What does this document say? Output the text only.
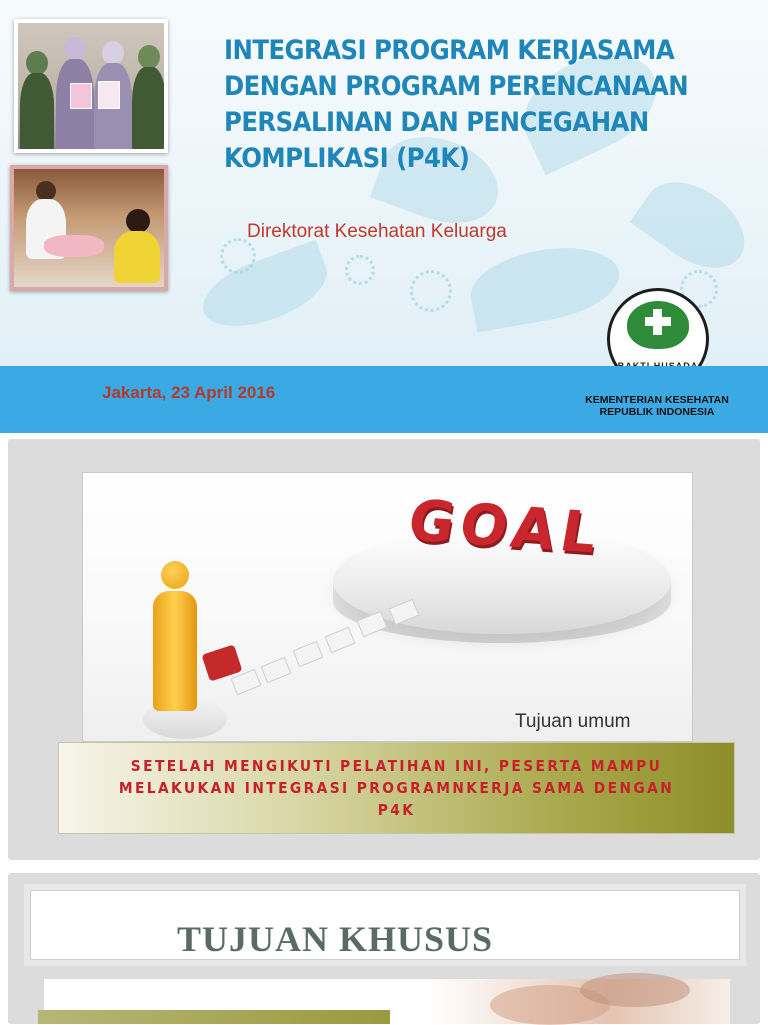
INTEGRASI PROGRAM KERJASAMA
DENGAN PROGRAM PERENCANAAN
PERSALINAN DAN PENCEGAHAN
KOMPLIKASI (P4K)
Direktorat Kesehatan Keluarga
Jakarta, 23 April 2016	KEMENTERIAN KESEHATAN
REPUBLIK INDONESIA
GOAL
Tujuan umum
SETELAH MENGIKUTI PELATIHAN INI, PESERTA MAMPU MELAKUKAN INTEGRASI PROGRAMNKERJA SAMA DENGAN P4K
TUJUAN KHUSUS
